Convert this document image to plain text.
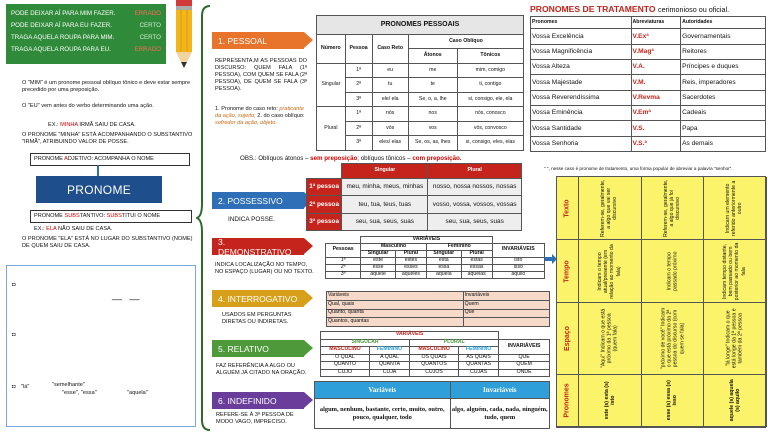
PODE DEIXAR AÍ PARA MIM FAZER.	ERRADO
PODE DEIXAR AÍ PARA EU FAZER.	CERTO
TRAGA AQUELA ROUPA PARA MIM.	CERTO
TRAGA AQUELA ROUPA PARA EU.	ERRADO
O "MIM" é um pronome pessoal oblíquo tônico e deve estar sempre precedido por uma preposição.
O "EU" vem antes do verbo determinando uma ação.
EX.: MINHA IRMÃ SAIU DE CASA.
O PRONOME "MINHA" ESTÁ ACOMPANHANDO O SUBSTANTIVO "IRMÃ", ATRIBUINDO VALOR DE POSSE.
PRONOME ADJETIVO: ACOMPANHA O NOME
PRONOME
PRONOME SUBSTANTIVO: SUBSTITUI O NOME
EX.: ELA NÃO SAIU DE CASA.
O PRONOME "ELA" ESTÁ NO LUGAR DO SUBSTANTIVO (NOME) DE QUEM SAIU DE CASA.
◘
◘
__   __
◘ "lá"	"semelhante"
"esse", "essa"	"aquela"
1. PESSOAL
2. POSSESSIVO
3. DEMONSTRATIVO
4. INTERROGATIVO
5. RELATIVO
6. INDEFINIDO
REPRESENTA,M AS PESSOAS DO DISCURSO: QUEM FALA (1ª PESSOA), COM QUEM SE FALA (2ª PESSOA), DE QUEM SE FALA (3ª PESSOA).
1. Pronome do caso reto: praticante da ação, sujeito; 2. do caso oblíquo: sofredor da ação, objeto.
OBS.: Oblíquos átonos – sem preposição; oblíquos tônicos – com preposição.
PRONOMES PESSOAIS				
Número	Pessoa	Caso Reto	Caso Oblíquo	
			Átonos	Tônicos
Singular	1ª	eu	me	mim, comigo
	2ª	tu	te	ti, contigo
	3ª	ele/ ela	Se, o, a, lhe	si, consigo, ele, ela
Plural	1ª	nós	nos	nós, conosco
	2ª	vós	vos	vós, convosco
	3ª	eles/ elas	Se, os, as, lhes	si, consigo, eles, elas
PRONOMES DE TRATAMENTO cerimonioso ou oficial.
Pronomes	Abreviaturas	Autoridades
Vossa Excelência	V.Exª	Governamentais
Vossa Magnificência	V.Magª	Reitores
Vossa Alteza	V.A.	Príncipes e duques
Vossa Majestade	V.M.	Reis, imperadores
Vossa Reverendíssima	V.Revma	Sacerdotes
Vossa Eminência	V.Emª	Cadeais
Vossa Santidade	V.S.	Papa
Vossa Senhoria	V.S.ª	As demais
" ", nesse caso é pronome de tratamento, uma forma popular de abreviar a palavra "senhor".
	Singular	Plural
1ª pessoa	meu, minha, meus, minhas	nosso, nossa nossos, nossas
2ª pessoa	teu, tua, teus, tuas	vosso, vossa, vossos, vossas
3ª pessoa	seu, sua, seus, suas	seu, sua, seus, suas
INDICA POSSE.
	VARIÁVEIS				
Pessoas	Masculino		Feminino		INVARIÁVEIS
	Singular	Plural	Singular	Plural	
1ª	este	estes	esta	estas	isto
2ª	esse	esses	essa	essas	isso
3ª	aquele	aqueles	aquela	aquelas	aquilo
INDICA LOCALIZAÇÃO NO TEMPO, NO ESPAÇO (LUGAR) OU NO TEXTO.
Variáveis	Invariáveis
Qual, quais	Quem
Quanto, quanta	Que
Quantos, quantas	
USADOS EM PERGUNTAS DIRETAS OU INDIRETAS.
VARIÁVEIS				
SINGULAR		PLURAL		INVARIÁVEIS
MASCULINO	FEMININO	MASCULINO	FEMININO	
O QUAL	A QUAL	OS QUAIS	AS QUAIS	QUE
QUANTO	QUANTA	QUANTOS	QUANTAS	QUEM
CUJO	CUJA	CUJOS	CUJAS	ONDE
FAZ REFERÊNCIA A ALGO OU ALGUÉM JÁ CITADO NA ORAÇÃO.
Variáveis	Invariáveis
algum, nenhum, bastante, certo, muito, outro, pouco, qualquer, todo	algo, alguém, cada, nada, ninguém, tudo, quem
REFERE-SE À 3ª PESSOA DE MODO VAGO, IMPRECISO.
Texto	Referem-se, geralmente, a algo que vai ser discursivo	Referem-se, geralmente, a algo que já foi discursivo	Indicam um elemento referido anteriormente a outro
Tempo	Indicam o tempo atual/presente (em relação ao momento da fala)	Indicam o tempo passado próximo	Indicam tempo distante, bem passado ou bem posterior ao momento da fala
Espaço	"Aqui" Indicam o que está próximo da 1ª pessoa (quem fala)	"próximo de você" Indicam o que está próximo da 2ª pessoa do discurso (com quem se fala)	"lá longe" Indicam o que está longe da 1ª pessoa e também da 2ª pessoa
Pronomes	este (s) esta (s) isto	esse (s) essa (s) isso	aquele (s) aquela (s) aquilo
